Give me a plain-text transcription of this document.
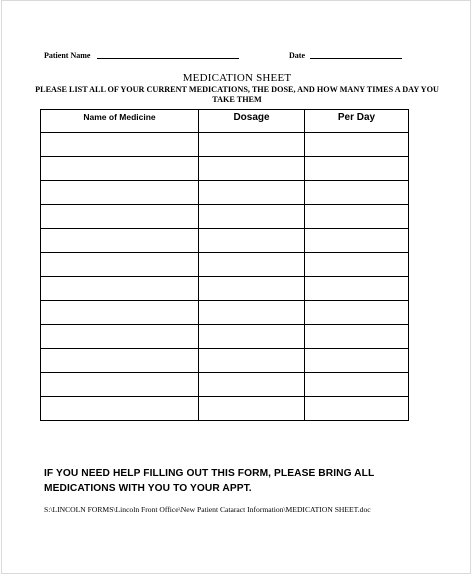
Patient Name	Date
MEDICATION SHEET
PLEASE LIST ALL OF YOUR CURRENT MEDICATIONS, THE DOSE, AND HOW MANY TIMES A DAY YOU TAKE THEM
Name of Medicine	Dosage	Per Day

IF YOU NEED HELP FILLING OUT THIS FORM, PLEASE BRING ALL MEDICATIONS WITH YOU TO YOUR APPT.
S:\LINCOLN FORMS\Lincoln Front Office\New Patient Cataract Information\MEDICATION SHEET.doc
